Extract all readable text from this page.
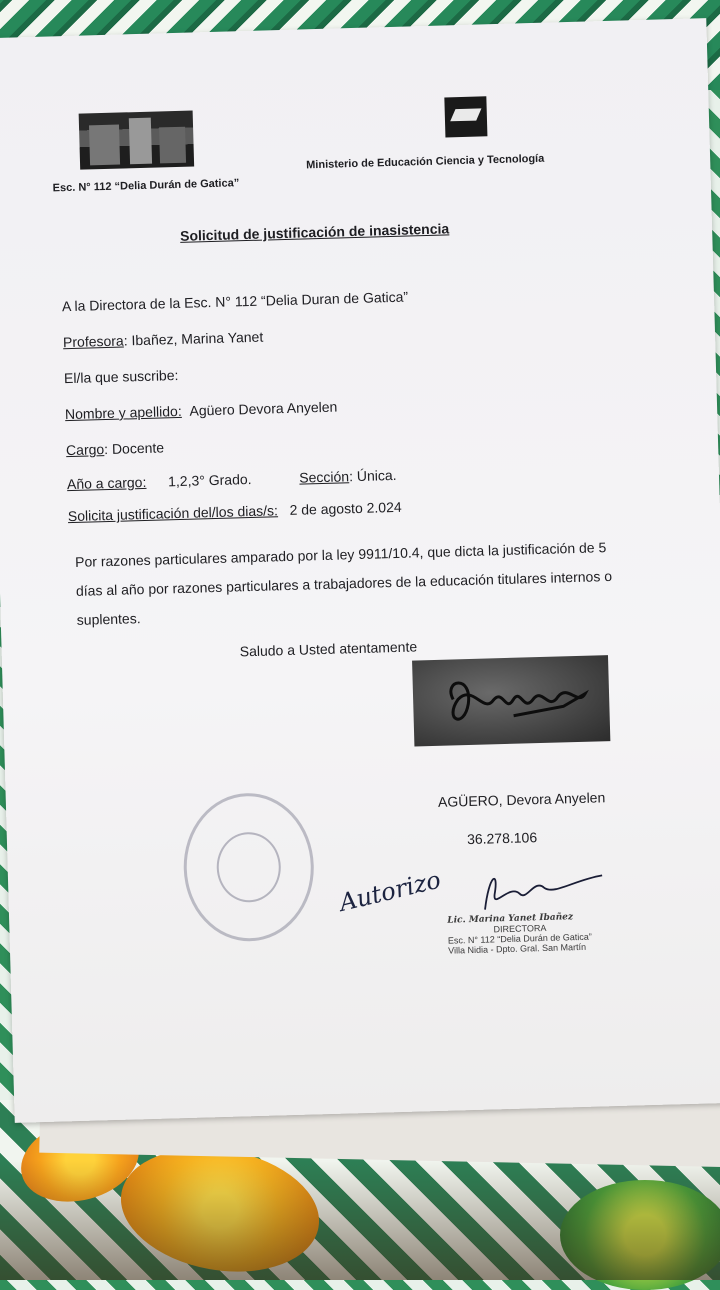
Esc. N° 112 “Delia Durán de Gatica”
Ministerio de Educación Ciencia y Tecnología
Solicitud de justificación de inasistencia
A la Directora de la Esc. N° 112 “Delia Duran de Gatica”
Profesora: Ibañez, Marina Yanet
El/la que suscribe:
Nombre y apellido: Agüero Devora Anyelen
Cargo: Docente
Año a cargo: 1,2,3° Grado.	Sección: Única.
Solicita justificación del/los dias/s: 2 de agosto 2.024
Por razones particulares amparado por la ley 9911/10.4, que dicta la justificación de 5 días al año por razones particulares a trabajadores de la educación titulares internos o suplentes.
Saludo a Usted atentamente
AGÜERO, Devora Anyelen
36.278.106
Autorizo
Lic. Marina Yanet Ibañez
DIRECTORA
Esc. N° 112 “Delia Durán de Gatica”
Villa Nidia - Dpto. Gral. San Martín
